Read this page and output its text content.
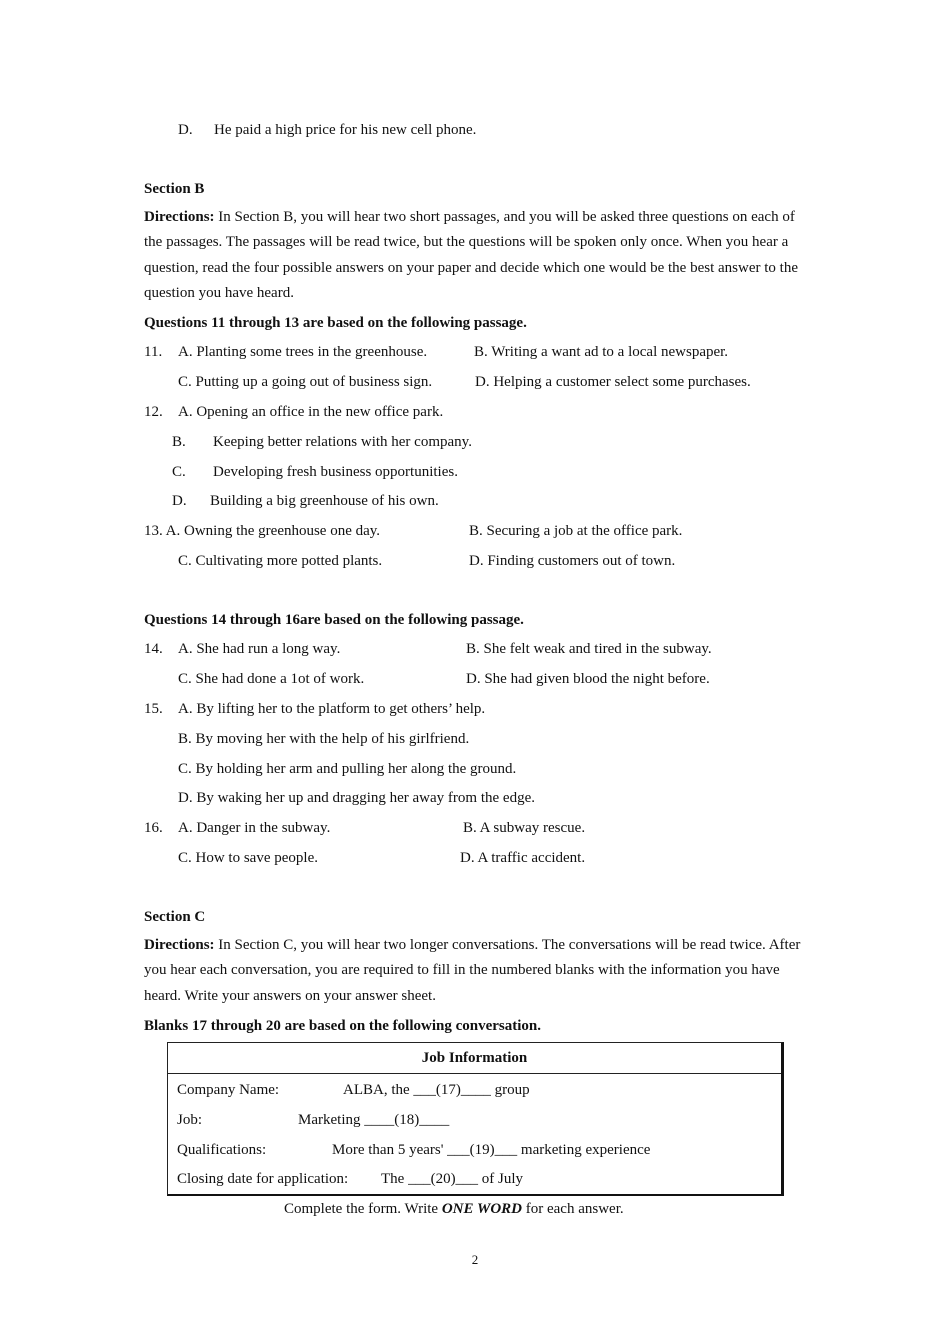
D. He paid a high price for his new cell phone.
Section B
Directions: In Section B, you will hear two short passages, and you will be asked three questions on each of the passages. The passages will be read twice, but the questions will be spoken only once. When you hear a question, read the four possible answers on your paper and decide which one would be the best answer to the question you have heard.
Questions 11 through 13 are based on the following passage.
11. A. Planting some trees in the greenhouse.	B. Writing a want ad to a local newspaper.
C. Putting up a going out of business sign.	D. Helping a customer select some purchases.
12. A. Opening an office in the new office park.
B. Keeping better relations with her company.
C. Developing fresh business opportunities.
D. Building a big greenhouse of his own.
13. A. Owning the greenhouse one day.	B. Securing a job at the office park.
C. Cultivating more potted plants.	D. Finding customers out of town.
Questions 14 through 16are based on the following passage.
14. A. She had run a long way.	B. She felt weak and tired in the subway.
C. She had done a 1ot of work.	D. She had given blood the night before.
15. A. By lifting her to the platform to get others’ help.
B. By moving her with the help of his girlfriend.
C. By holding her arm and pulling her along the ground.
D. By waking her up and dragging her away from the edge.
16. A. Danger in the subway.	B. A subway rescue.
C. How to save people.	D. A traffic accident.
Section C
Directions: In Section C, you will hear two longer conversations. The conversations will be read twice. After you hear each conversation, you are required to fill in the numbered blanks with the information you have heard. Write your answers on your answer sheet.
Blanks 17 through 20 are based on the following conversation.
Job Information
Company Name:	ALBA, the ___(17)____ group
Job:	Marketing ____(18)____
Qualifications:	More than 5 years' ___(19)___ marketing experience
Closing date for application: The ___(20)___ of July
Complete the form. Write ONE WORD for each answer.
2
